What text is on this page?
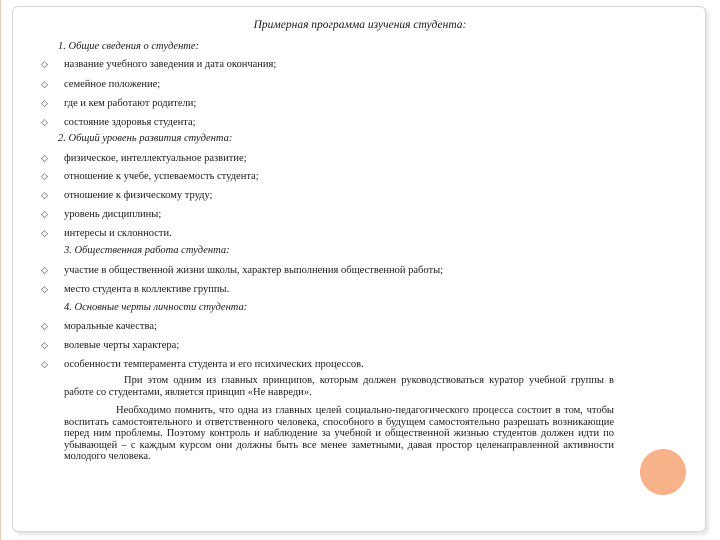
Примерная программа изучения студента:
1. Общие сведения о студенте:
◇ название учебного заведения и дата окончания;
◇ семейное положение;
◇ где и кем работают родители;
◇ состояние здоровья студента;
2. Общий уровень развития студента:
◇ физическое, интеллектуальное развитие;
◇ отношение к учебе, успеваемость студента;
◇ отношение к физическому труду;
◇ уровень дисциплины;
◇ интересы и склонности.
3. Общественная работа студента:
◇ участие в общественной жизни школы, характер выполнения общественной работы;
◇ место студента в коллективе группы.
4. Основные черты личности студента:
◇ моральные качества;
◇ волевые черты характера;
◇ особенности темперамента студента и его психических процессов.
При этом одним из главных принципов, которым должен руководствоваться куратор учебной группы в работе со студентами, является принцип «Не навреди».
Необходимо помнить, что одна из главных целей социально-педагогического процесса состоит в том, чтобы воспитать самостоятельного и ответственного человека, способного в будущем самостоятельно разрешать возникающие перед ним проблемы. Поэтому контроль и наблюдение за учебной и общественной жизнью студентов должен идти по убывающей – с каждым курсом они должны быть все менее заметными, давая простор целенаправленной активности молодого человека.
